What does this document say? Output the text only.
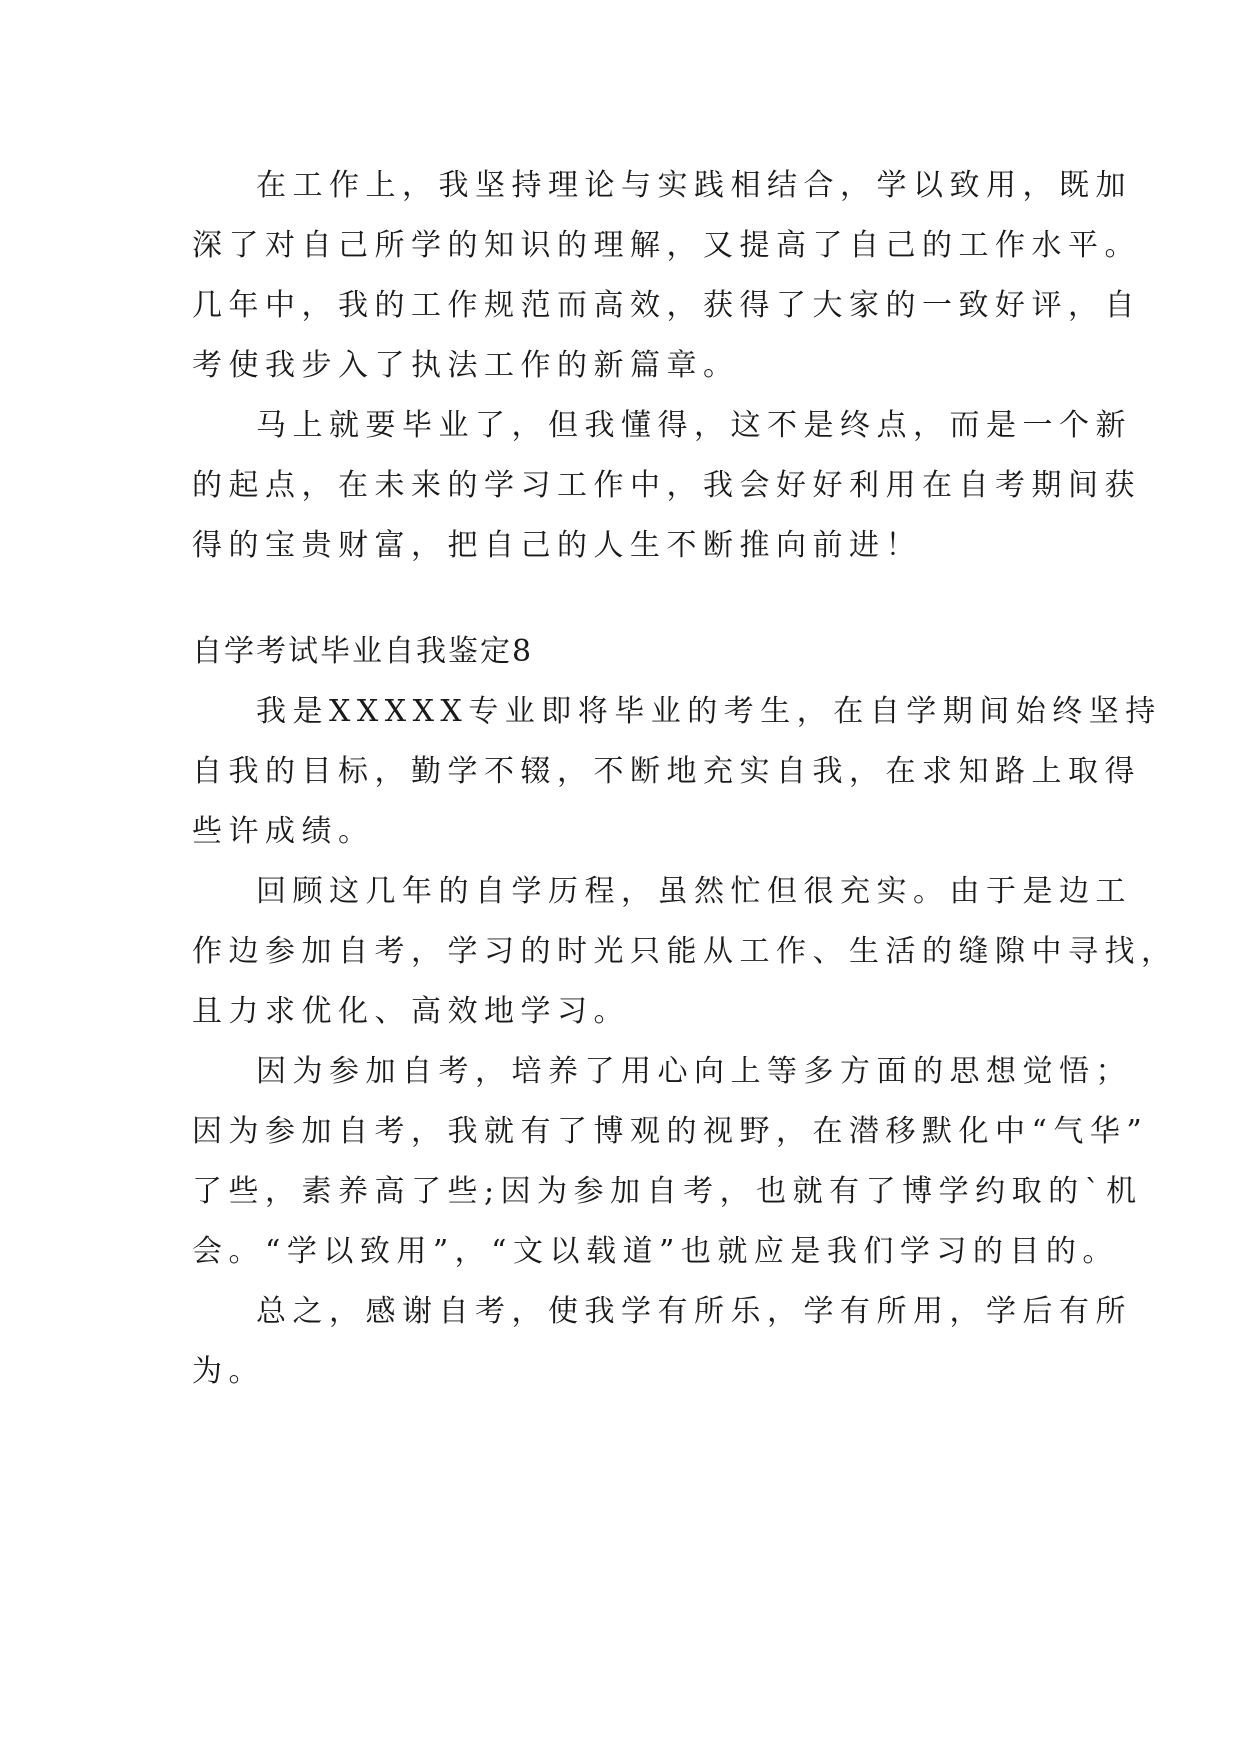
在工作上，我坚持理论与实践相结合，学以致用，既加
深了对自己所学的知识的理解，又提高了自己的工作水平。
几年中，我的工作规范而高效，获得了大家的一致好评，自
考使我步入了执法工作的新篇章。
马上就要毕业了，但我懂得，这不是终点，而是一个新
的起点，在未来的学习工作中，我会好好利用在自考期间获
得的宝贵财富，把自己的人生不断推向前进！
自学考试毕业自我鉴定8
我是XXXXX专业即将毕业的考生，在自学期间始终坚持
自我的目标，勤学不辍，不断地充实自我，在求知路上取得
些许成绩。
回顾这几年的自学历程，虽然忙但很充实。由于是边工
作边参加自考，学习的时光只能从工作、生活的缝隙中寻找，
且力求优化、高效地学习。
因为参加自考，培养了用心向上等多方面的思想觉悟；
因为参加自考，我就有了博观的视野，在潜移默化中“气华”
了些，素养高了些;因为参加自考，也就有了博学约取的`机
会。“学以致用”，“文以载道”也就应是我们学习的目的。
总之，感谢自考，使我学有所乐，学有所用，学后有所
为。
